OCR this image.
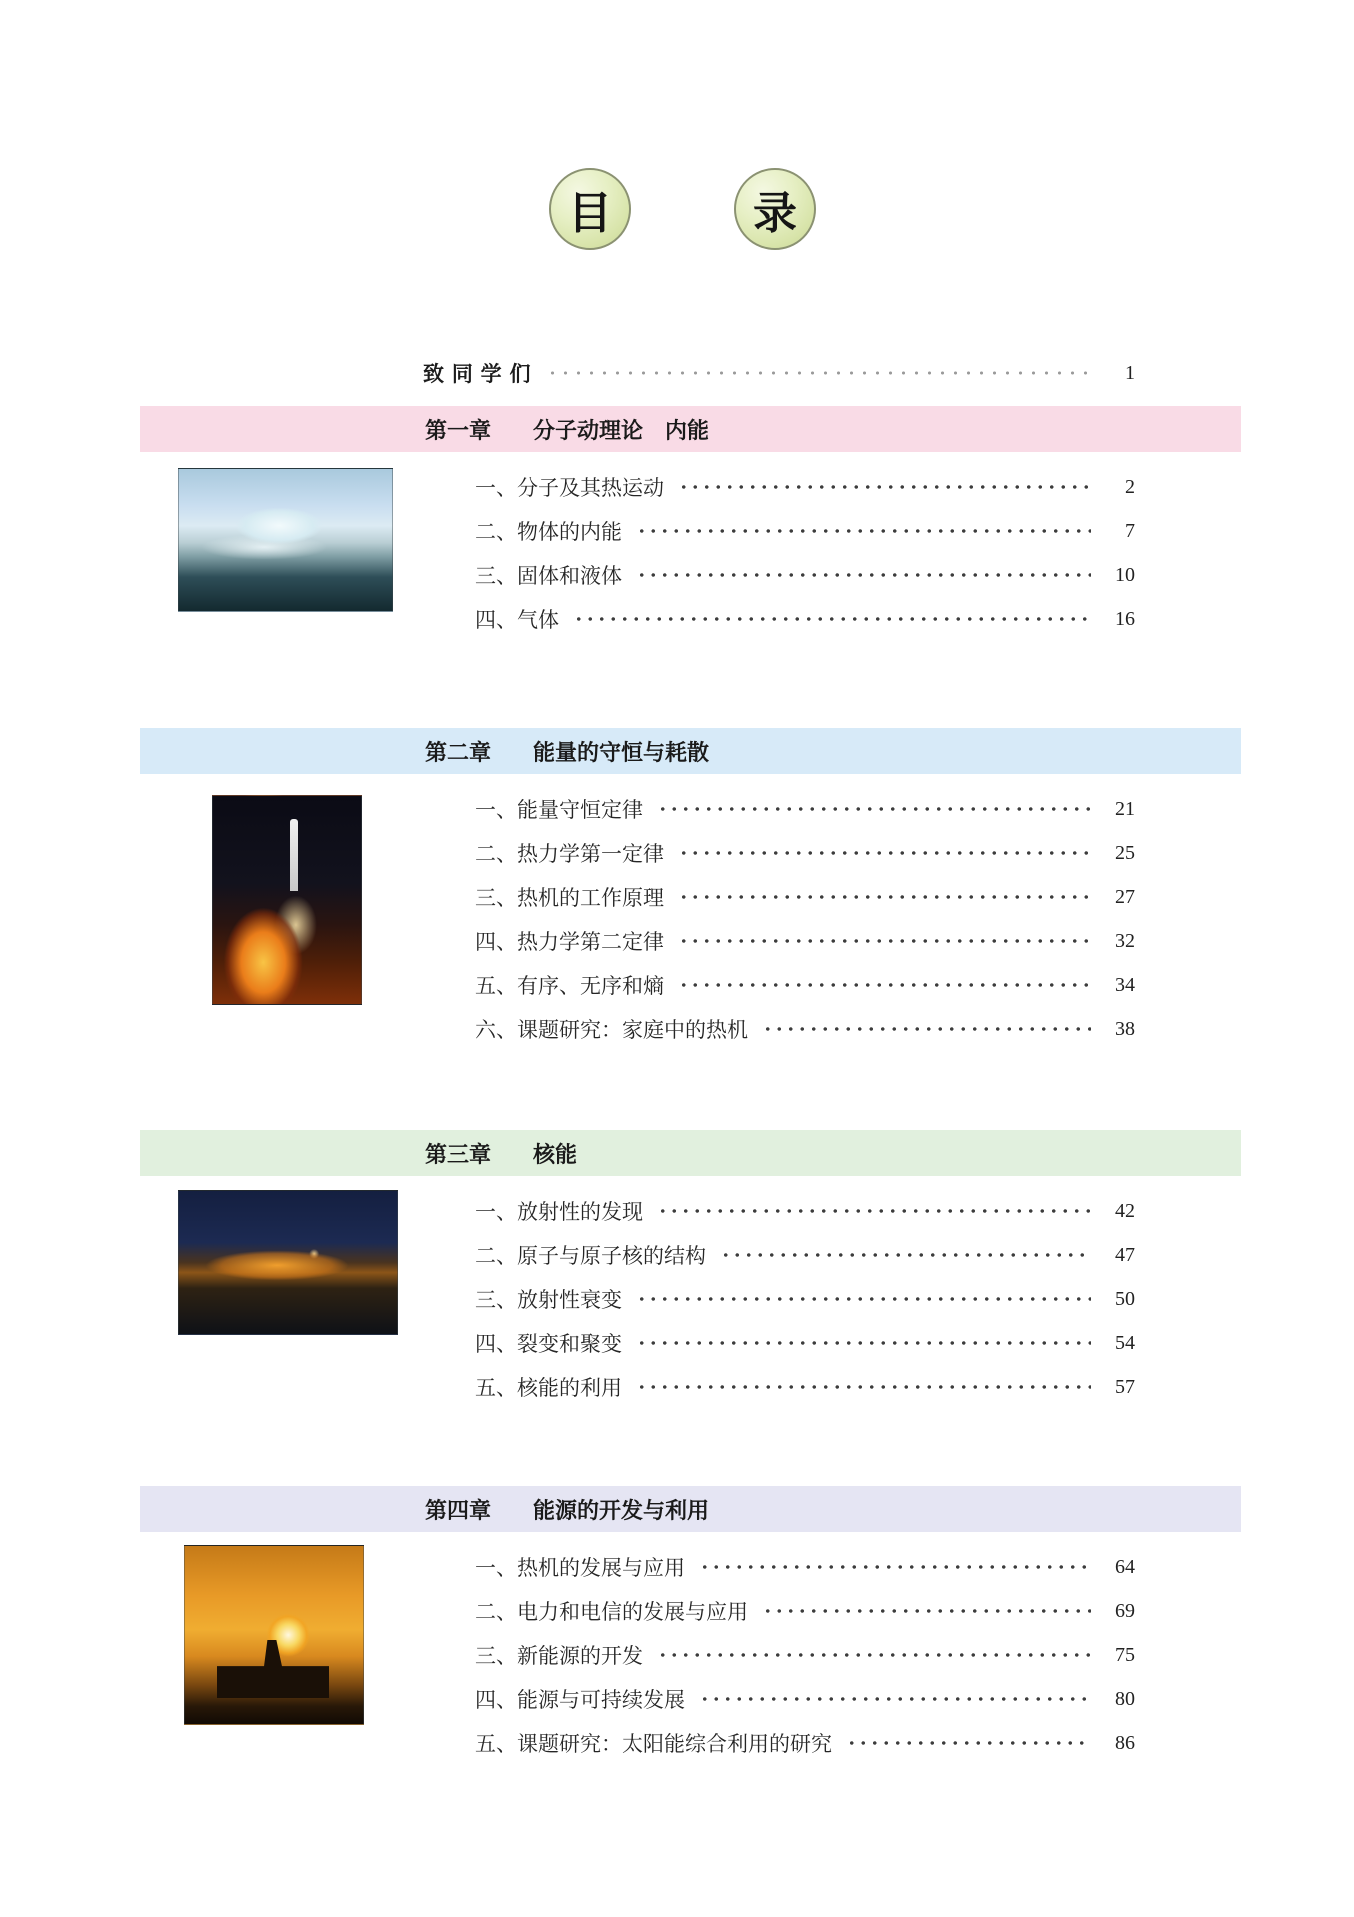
目	录
致 同 学 们	1
第一章 分子动理论　内能
一、 分子及其热运动	2
二、 物体的内能	7
三、 固体和液体	10
四、 气体	16
第二章 能量的守恒与耗散
一、 能量守恒定律	21
二、 热力学第一定律	25
三、 热机的工作原理	27
四、 热力学第二定律	32
五、 有序、无序和熵	34
六、 课题研究：家庭中的热机	38
第三章 核能
一、 放射性的发现	42
二、 原子与原子核的结构	47
三、 放射性衰变	50
四、 裂变和聚变	54
五、 核能的利用	57
第四章 能源的开发与利用
一、 热机的发展与应用	64
二、 电力和电信的发展与应用	69
三、 新能源的开发	75
四、 能源与可持续发展	80
五、 课题研究：太阳能综合利用的研究	86
